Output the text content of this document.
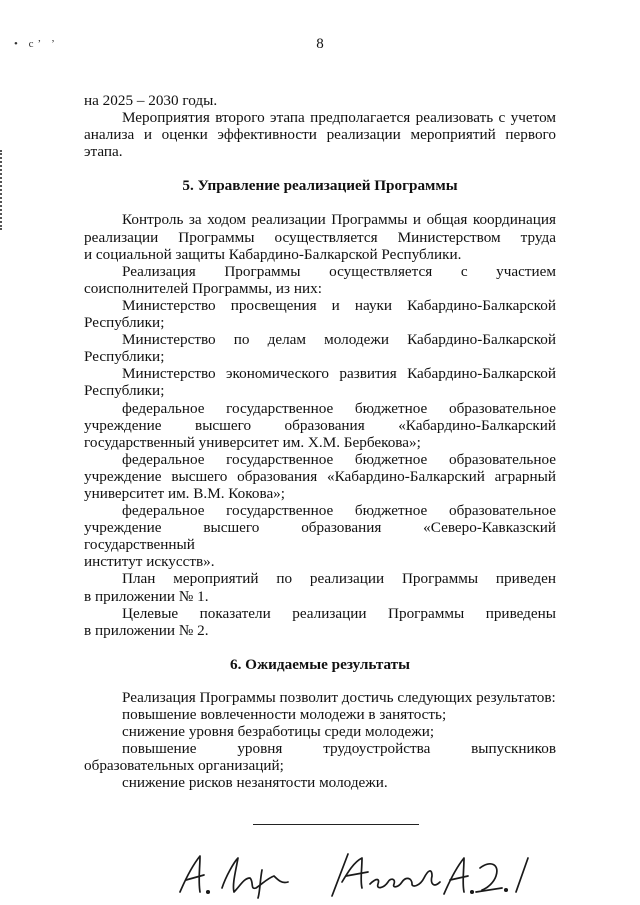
• с’ ’	8

на 2025 – 2030 годы.

Мероприятия второго этапа предполагается реализовать с учетом

анализа и оценки эффективности реализации мероприятий первого

этапа.

5. Управление реализацией Программы

Контроль за ходом реализации Программы и общая координация

реализации Программы осуществляется Министерством труда

и социальной защиты Кабардино-Балкарской Республики.

Реализация Программы осуществляется с участием

соисполнителей Программы, из них:

Министерство просвещения и науки Кабардино-Балкарской

Республики;

Министерство по делам молодежи Кабардино-Балкарской

Республики;

Министерство экономического развития Кабардино-Балкарской

Республики;

федеральное государственное бюджетное образовательное

учреждение высшего образования «Кабардино-Балкарский

государственный университет им. Х.М. Бербекова»;

федеральное государственное бюджетное образовательное

учреждение высшего образования «Кабардино-Балкарский аграрный

университет им. В.М. Кокова»;

федеральное государственное бюджетное образовательное

учреждение высшего образования «Северо-Кавказский государственный

институт искусств».

План мероприятий по реализации Программы приведен

в приложении № 1.

Целевые показатели реализации Программы приведены

в приложении № 2.

6. Ожидаемые результаты

Реализация Программы позволит достичь следующих результатов:

повышение вовлеченности молодежи в занятость;

снижение уровня безработицы среди молодежи;

повышение уровня трудоустройства выпускников

образовательных организаций;

снижение рисков незанятости молодежи.
